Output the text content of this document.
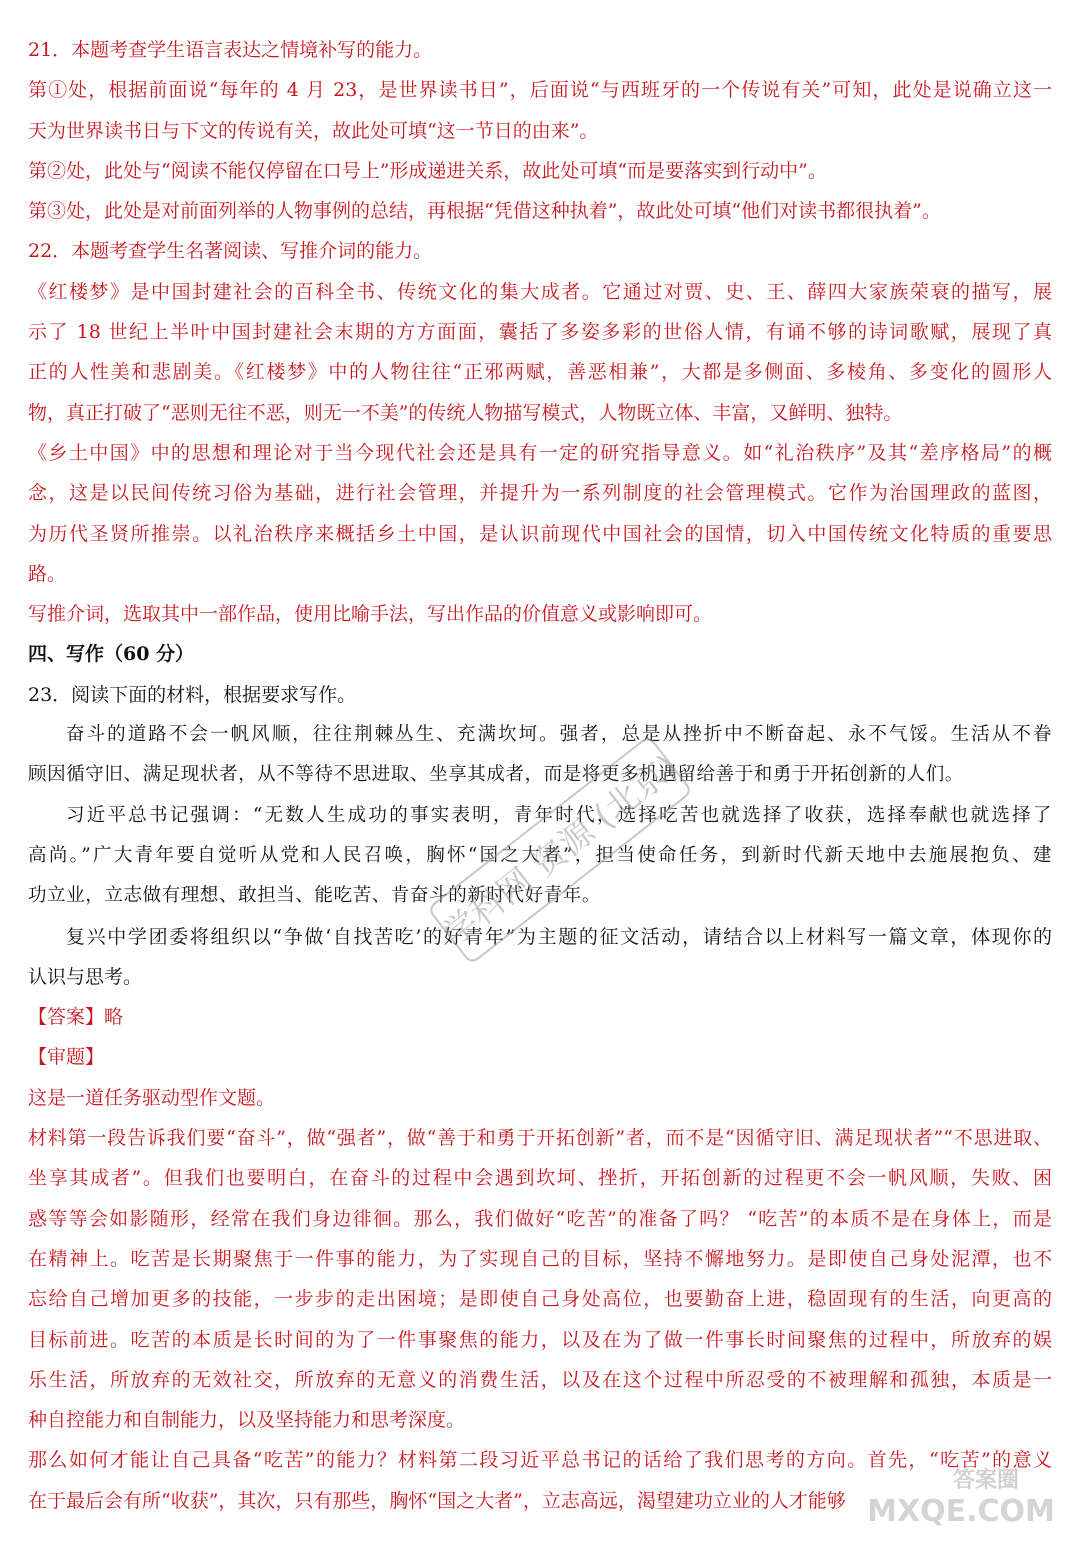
21．本题考查学生语言表达之情境补写的能力。

第①处，根据前面说“每年的 4 月 23，是世界读书日”，后面说“与西班牙的一个传说有关”可知，此处是说确立这一

天为世界读书日与下文的传说有关，故此处可填“这一节日的由来”。

第②处，此处与“阅读不能仅停留在口号上”形成递进关系，故此处可填“而是要落实到行动中”。

第③处，此处是对前面列举的人物事例的总结，再根据“凭借这种执着”，故此处可填“他们对读书都很执着”。

22．本题考查学生名著阅读、写推介词的能力。

《红楼梦》是中国封建社会的百科全书、传统文化的集大成者。它通过对贾、史、王、薛四大家族荣衰的描写，展

示了 18 世纪上半叶中国封建社会末期的方方面面，囊括了多姿多彩的世俗人情，有诵不够的诗词歌赋，展现了真

正的人性美和悲剧美。《红楼梦》中的人物往往“正邪两赋，善恶相兼”，大都是多侧面、多棱角、多变化的圆形人

物，真正打破了“恶则无往不恶，则无一不美”的传统人物描写模式，人物既立体、丰富，又鲜明、独特。

《乡土中国》中的思想和理论对于当今现代社会还是具有一定的研究指导意义。如“礼治秩序”及其“差序格局”的概

念，这是以民间传统习俗为基础，进行社会管理，并提升为一系列制度的社会管理模式。它作为治国理政的蓝图，

为历代圣贤所推崇。以礼治秩序来概括乡土中国，是认识前现代中国社会的国情，切入中国传统文化特质的重要思

路。

写推介词，选取其中一部作品，使用比喻手法，写出作品的价值意义或影响即可。

四、写作（60 分）

23．阅读下面的材料，根据要求写作。

奋斗的道路不会一帆风顺，往往荆棘丛生、充满坎坷。强者，总是从挫折中不断奋起、永不气馁。生活从不眷

顾因循守旧、满足现状者，从不等待不思进取、坐享其成者，而是将更多机遇留给善于和勇于开拓创新的人们。

习近平总书记强调：“无数人生成功的事实表明，青年时代，选择吃苦也就选择了收获，选择奉献也就选择了

高尚。”广大青年要自觉听从党和人民召唤，胸怀“国之大者”，担当使命任务，到新时代新天地中去施展抱负、建

功立业，立志做有理想、敢担当、能吃苦、肯奋斗的新时代好青年。

复兴中学团委将组织以“争做‘自找苦吃’的好青年”为主题的征文活动，请结合以上材料写一篇文章，体现你的

认识与思考。

【答案】略

【审题】

这是一道任务驱动型作文题。

材料第一段告诉我们要“奋斗”，做“强者”，做“善于和勇于开拓创新”者，而不是“因循守旧、满足现状者”“不思进取、

坐享其成者”。但我们也要明白，在奋斗的过程中会遇到坎坷、挫折，开拓创新的过程更不会一帆风顺，失败、困

惑等等会如影随形，经常在我们身边徘徊。那么，我们做好“吃苦”的准备了吗？ “吃苦”的本质不是在身体上，而是

在精神上。吃苦是长期聚焦于一件事的能力，为了实现自己的目标，坚持不懈地努力。是即使自己身处泥潭，也不

忘给自己增加更多的技能，一步步的走出困境；是即使自己身处高位，也要勤奋上进，稳固现有的生活，向更高的

目标前进。吃苦的本质是长时间的为了一件事聚焦的能力，以及在为了做一件事长时间聚焦的过程中，所放弃的娱

乐生活，所放弃的无效社交，所放弃的无意义的消费生活，以及在这个过程中所忍受的不被理解和孤独，本质是一

种自控能力和自制能力，以及坚持能力和思考深度。

那么如何才能让自己具备“吃苦”的能力？材料第二段习近平总书记的话给了我们思考的方向。首先，“吃苦”的意义

在于最后会有所“收获”，其次，只有那些，胸怀“国之大者”，立志高远，渴望建功立业的人才能够

学科网 资源 (北京)
答案圈
MXQE.COM
